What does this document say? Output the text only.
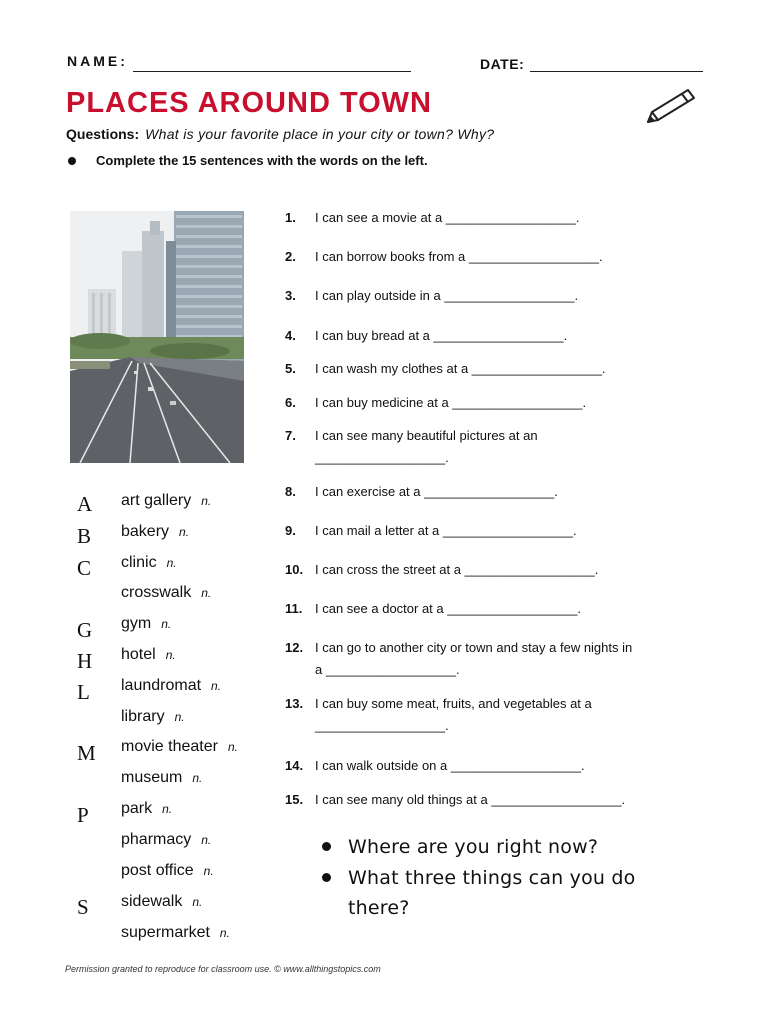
NAME:	DATE:
PLACES AROUND TOWN
Questions: What is your favorite place in your city or town? Why?
Complete the 15 sentences with the words on the left.
A
B
C
G
H
L
M
P
S
art gallery n.
bakery n.
clinic n.
crosswalk n.
gym n.
hotel n.
laundromat n.
library n.
movie theater n.
museum n.
park n.
pharmacy n.
post office n.
sidewalk n.
supermarket n.
1. I can see a movie at a __________________.
2. I can borrow books from a __________________.
3. I can play outside in a __________________.
4. I can buy bread at a __________________.
5. I can wash my clothes at a __________________.
6. I can buy medicine at a __________________.
7. I can see many beautiful pictures at an __________________.
8. I can exercise at a __________________.
9. I can mail a letter at a __________________.
10. I can cross the street at a __________________.
11. I can see a doctor at a __________________.
12. I can go to another city or town and stay a few nights in a __________________.
13. I can buy some meat, fruits, and vegetables at a __________________.
14. I can walk outside on a __________________.
15. I can see many old things at a __________________.
Where are you right now?
What three things can you do there?
Permission granted to reproduce for classroom use. © www.allthingstopics.com
